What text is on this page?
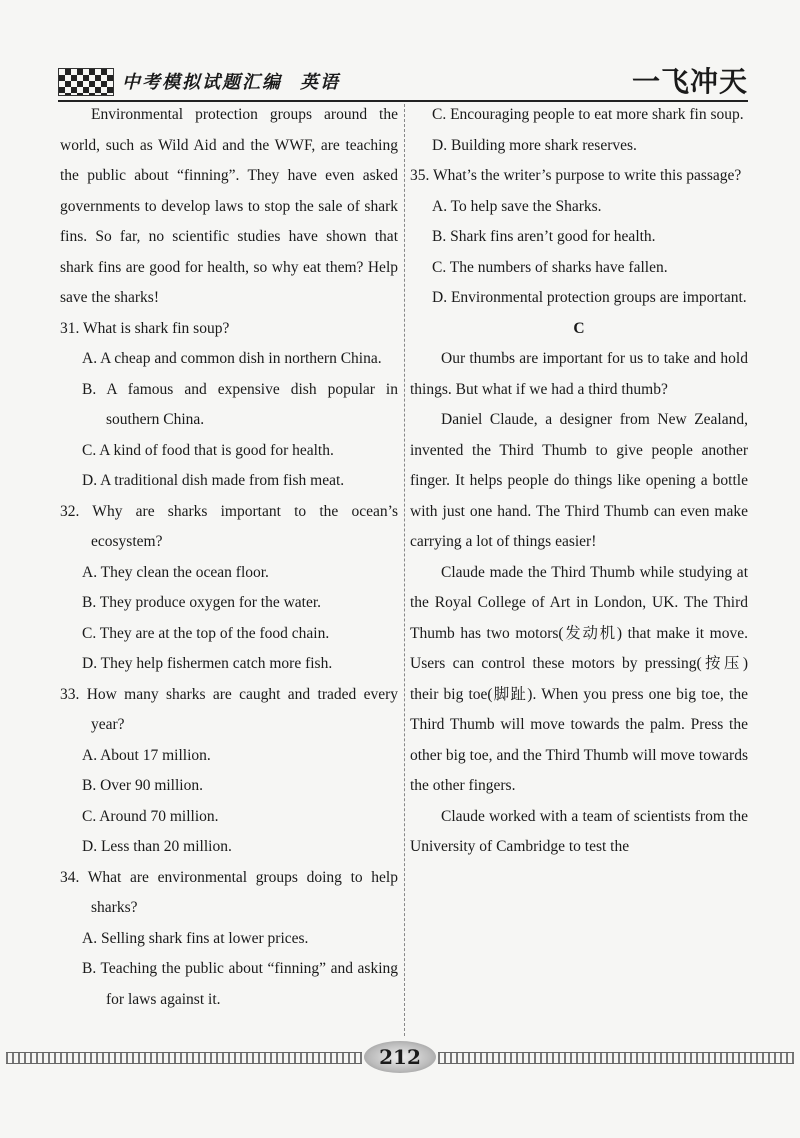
中考模拟试题汇编 英语	一飞冲天

Environmental protection groups around the world, such as Wild Aid and the WWF, are teaching the public about “finning”. They have even asked governments to develop laws to stop the sale of shark fins. So far, no scientific studies have shown that shark fins are good for health, so why eat them? Help save the sharks!

31. What is shark fin soup?

A. A cheap and common dish in northern China.

B. A famous and expensive dish popular in southern China.

C. A kind of food that is good for health.

D. A traditional dish made from fish meat.

32. Why are sharks important to the ocean’s ecosystem?

A. They clean the ocean floor.

B. They produce oxygen for the water.

C. They are at the top of the food chain.

D. They help fishermen catch more fish.

33. How many sharks are caught and traded every year?

A. About 17 million.

B. Over 90 million.

C. Around 70 million.

D. Less than 20 million.

34. What are environmental groups doing to help sharks?

A. Selling shark fins at lower prices.

B. Teaching the public about “finning” and asking for laws against it.

C. Encouraging people to eat more shark fin soup.

D. Building more shark reserves.

35. What’s the writer’s purpose to write this passage?

A. To help save the Sharks.

B. Shark fins aren’t good for health.

C. The numbers of sharks have fallen.

D. Environmental protection groups are important.

C

Our thumbs are important for us to take and hold things. But what if we had a third thumb?

Daniel Claude, a designer from New Zealand, invented the Third Thumb to give people another finger. It helps people do things like opening a bottle with just one hand. The Third Thumb can even make carrying a lot of things easier!

Claude made the Third Thumb while studying at the Royal College of Art in London, UK. The Third Thumb has two motors(发动机) that make it move. Users can control these motors by pressing(按压) their big toe(脚趾). When you press one big toe, the Third Thumb will move towards the palm. Press the other big toe, and the Third Thumb will move towards the other fingers.

Claude worked with a team of scientists from the University of Cambridge to test the

212
